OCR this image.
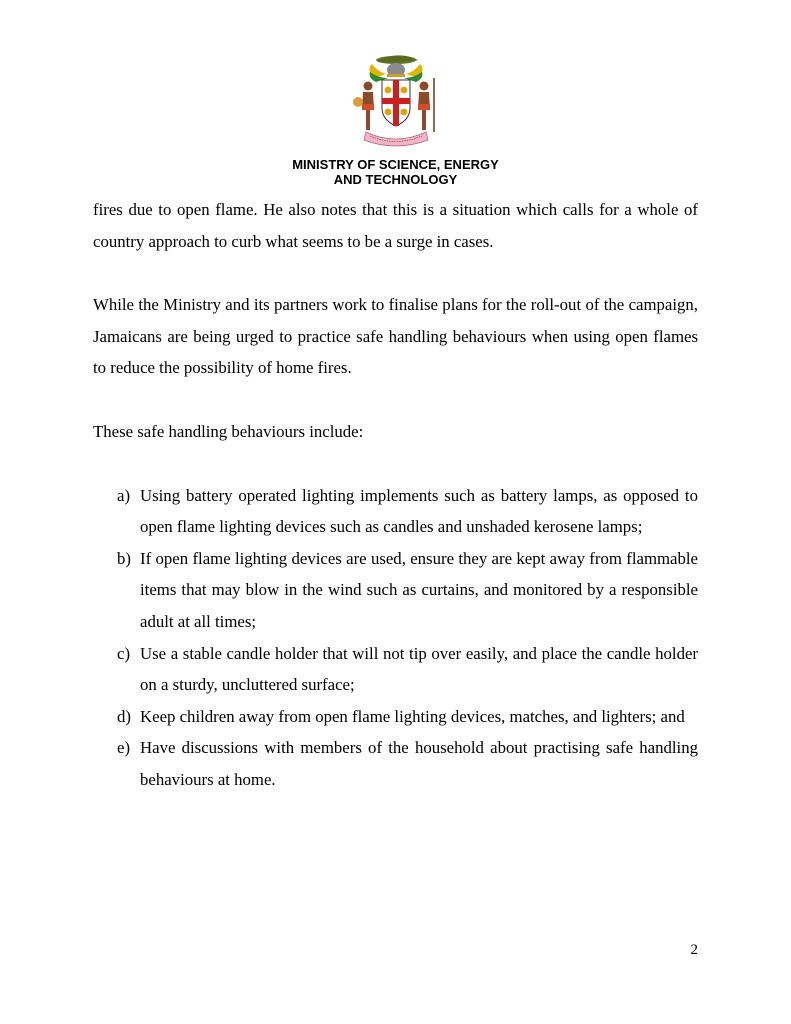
MINISTRY OF SCIENCE, ENERGY
AND TECHNOLOGY

fires due to open flame. He also notes that this is a situation which calls for a whole of country approach to curb what seems to be a surge in cases.

While the Ministry and its partners work to finalise plans for the roll-out of the campaign, Jamaicans are being urged to practice safe handling behaviours when using open flames to reduce the possibility of home fires.

These safe handling behaviours include:

a) Using battery operated lighting implements such as battery lamps, as opposed to open flame lighting devices such as candles and unshaded kerosene lamps;
b) If open flame lighting devices are used, ensure they are kept away from flammable items that may blow in the wind such as curtains, and monitored by a responsible adult at all times;
c) Use a stable candle holder that will not tip over easily, and place the candle holder on a sturdy, uncluttered surface;
d) Keep children away from open flame lighting devices, matches, and lighters; and
e) Have discussions with members of the household about practising safe handling behaviours at home.
2
